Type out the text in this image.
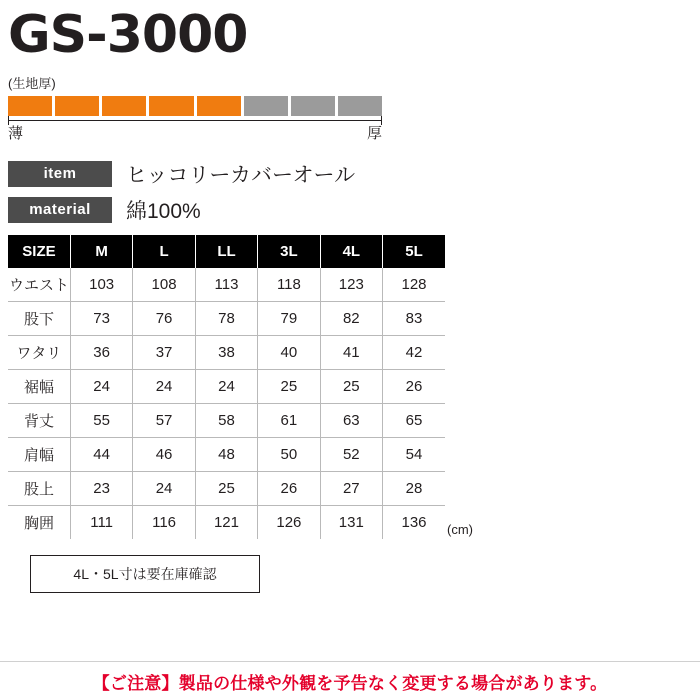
GS-3000
(生地厚)
薄	厚
item	ヒッコリーカバーオール
material	綿100%
SIZE	M	L	LL	3L	4L	5L
ウエスト	103	108	113	118	123	128
股下	73	76	78	79	82	83
ワタリ	36	37	38	40	41	42
裾幅	24	24	24	25	25	26
背丈	55	57	58	61	63	65
肩幅	44	46	48	50	52	54
股上	23	24	25	26	27	28
胸囲	111	116	121	126	131	136 (cm)
4L・5L寸は要在庫確認
【ご注意】製品の仕様や外観を予告なく変更する場合があります。
